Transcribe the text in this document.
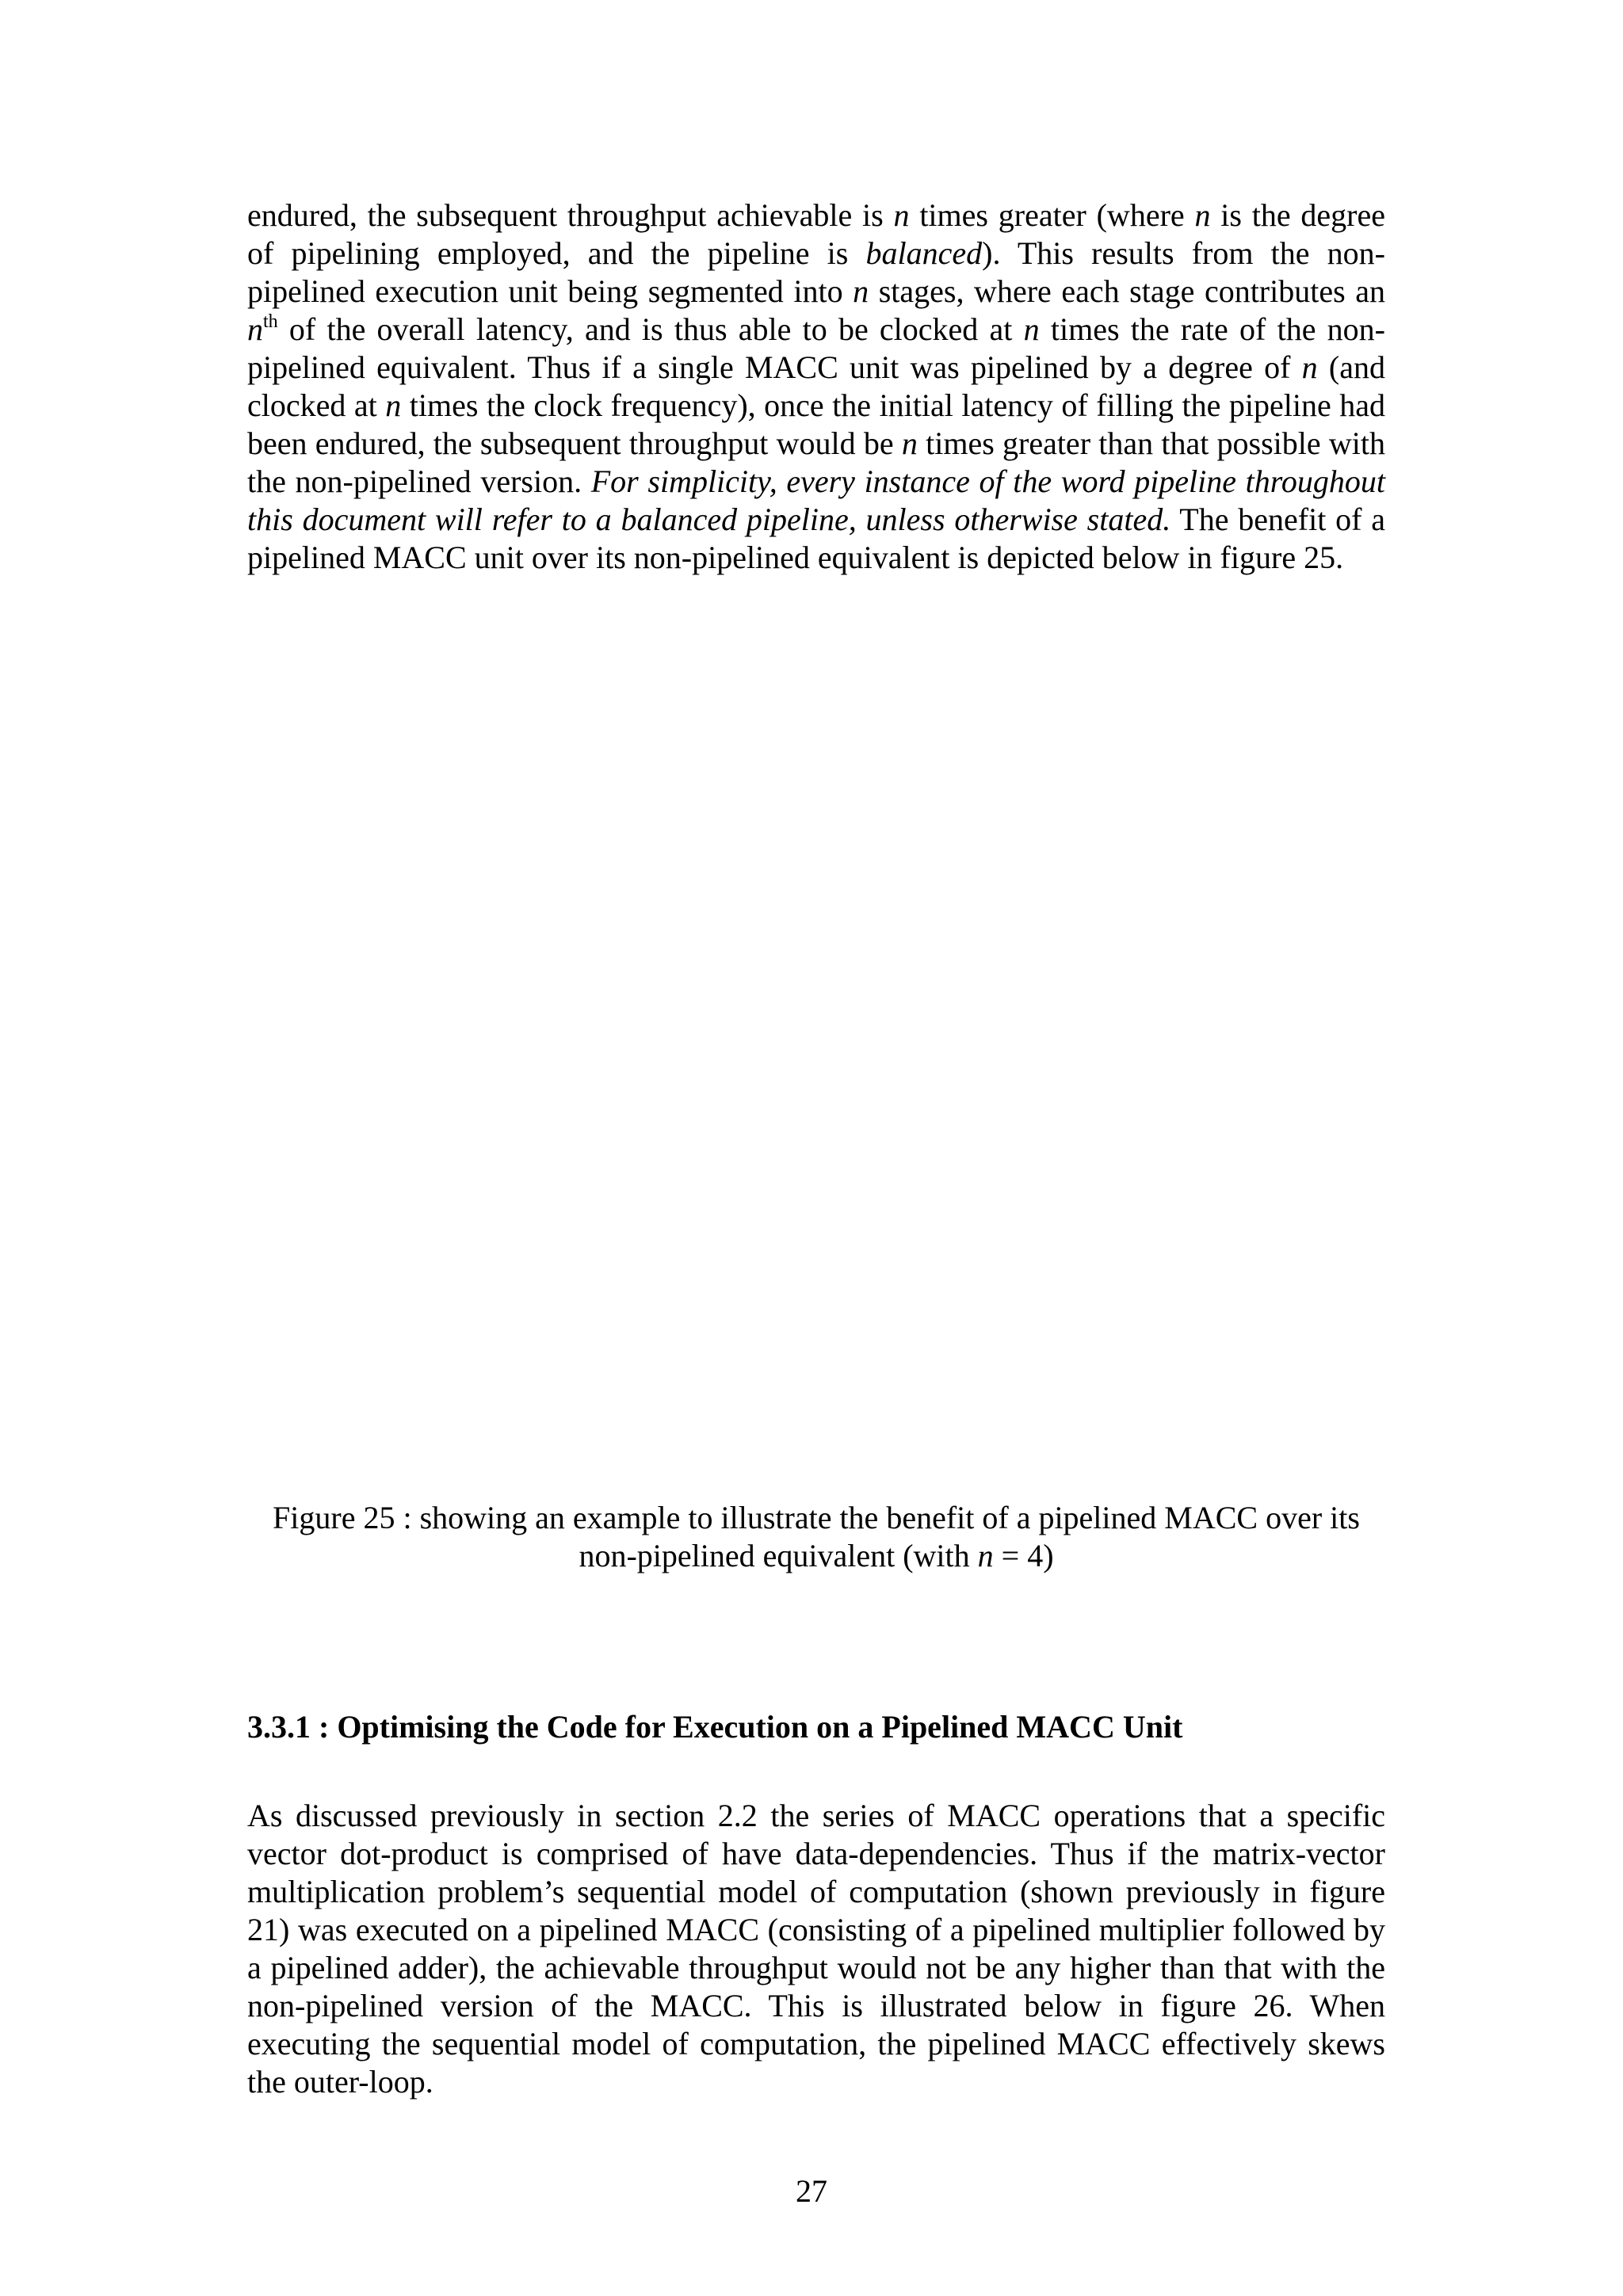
endured, the subsequent throughput achievable is n times greater (where n is the degree of pipelining employed, and the pipeline is balanced). This results from the non-pipelined execution unit being segmented into n stages, where each stage contributes an $n^{th}$ of the overall latency, and is thus able to be clocked at n times the rate of the non-pipelined equivalent. Thus if a single MACC unit was pipelined by a degree of n (and clocked at n times the clock frequency), once the initial latency of filling the pipeline had been endured, the subsequent throughput would be n times greater than that possible with the non-pipelined version. For simplicity, every instance of the word pipeline throughout this document will refer to a balanced pipeline, unless otherwise stated. The benefit of a pipelined MACC unit over its non-pipelined equivalent is depicted below in figure 25.
Figure 25 : showing an example to illustrate the benefit of a pipelined MACC over its
non-pipelined equivalent (with n = 4)
3.3.1 : Optimising the Code for Execution on a Pipelined MACC Unit
As discussed previously in section 2.2 the series of MACC operations that a specific vector dot-product is comprised of have data-dependencies. Thus if the matrix-vector multiplication problem’s sequential model of computation (shown previously in figure 21) was executed on a pipelined MACC (consisting of a pipelined multiplier followed by a pipelined adder), the achievable throughput would not be any higher than that with the non-pipelined version of the MACC. This is illustrated below in figure 26. When executing the sequential model of computation, the pipelined MACC effectively skews the outer-loop.
27
